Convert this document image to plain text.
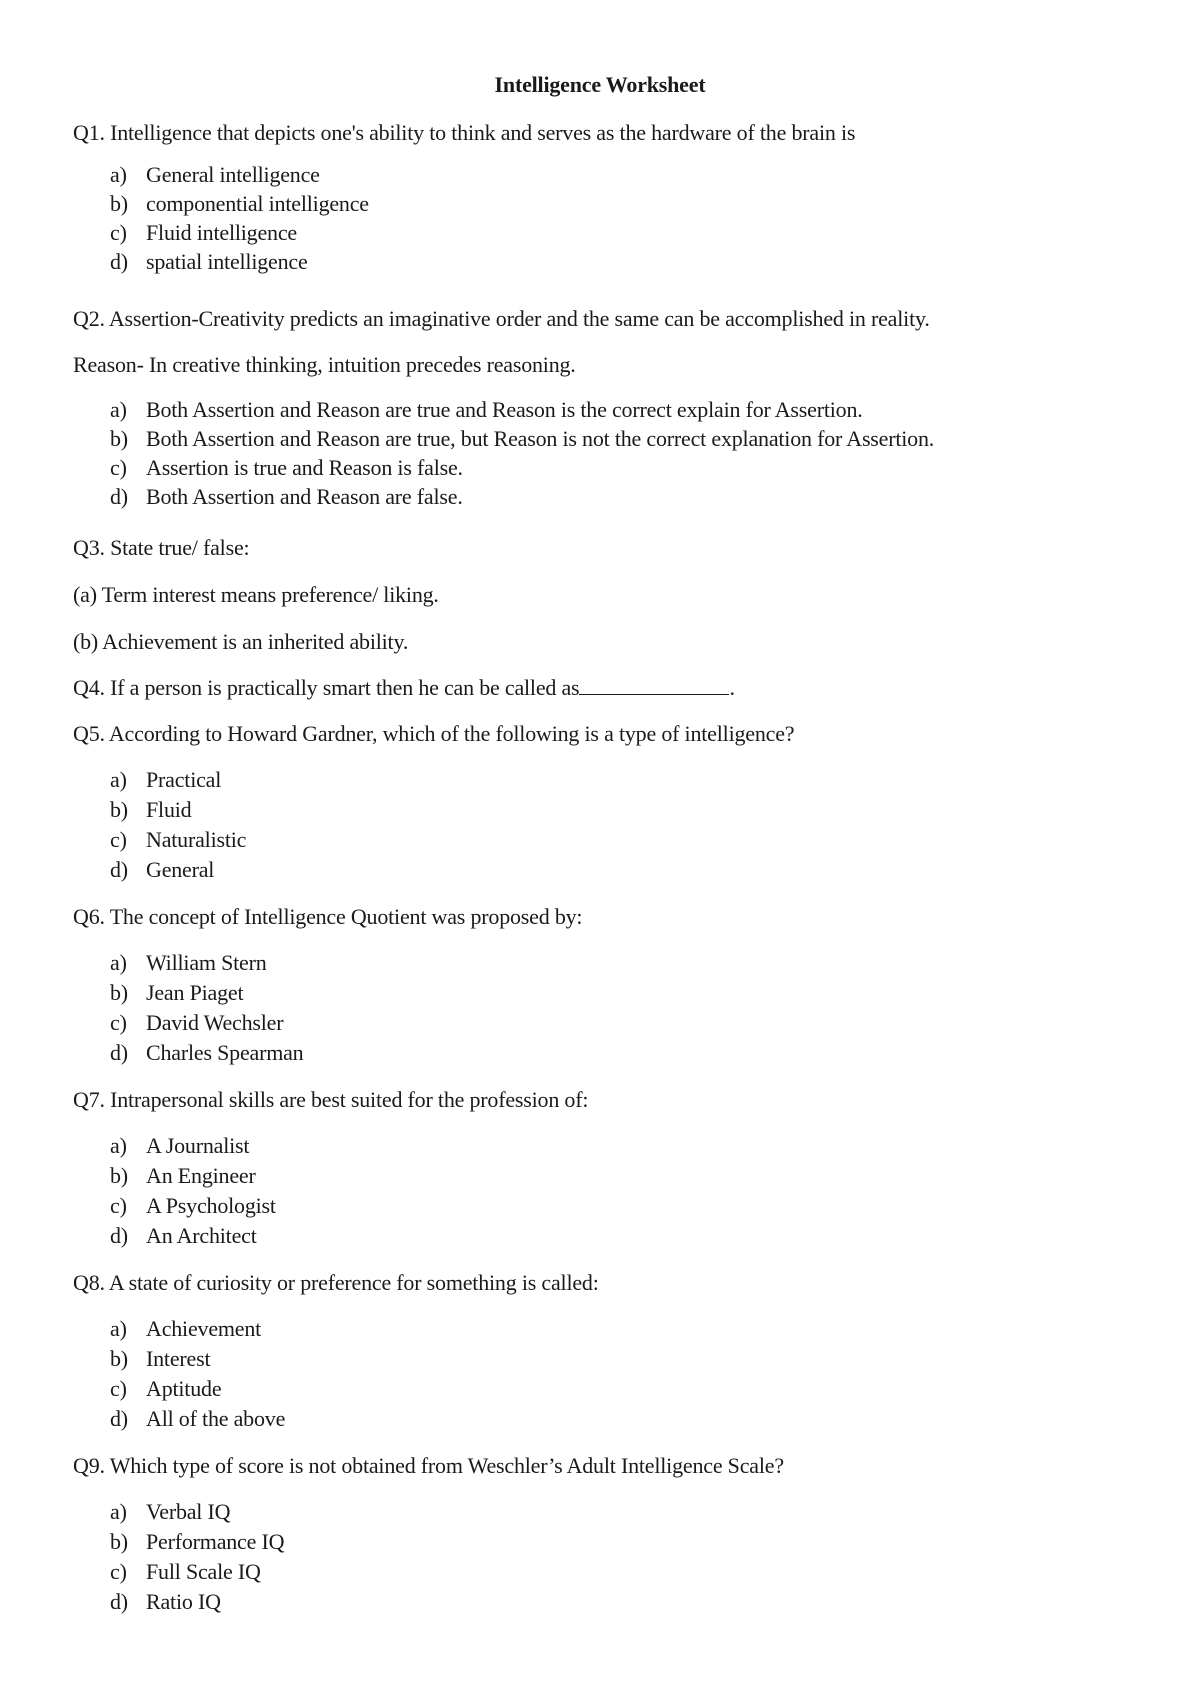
Intelligence Worksheet
Q1. Intelligence that depicts one's ability to think and serves as the hardware of the brain is
a) General intelligence
b) componential intelligence
c) Fluid intelligence
d) spatial intelligence
Q2. Assertion-Creativity predicts an imaginative order and the same can be accomplished in reality.
Reason- In creative thinking, intuition precedes reasoning.
a) Both Assertion and Reason are true and Reason is the correct explain for Assertion.
b) Both Assertion and Reason are true, but Reason is not the correct explanation for Assertion.
c) Assertion is true and Reason is false.
d) Both Assertion and Reason are false.
Q3. State true/ false:
(a) Term interest means preference/ liking.
(b) Achievement is an inherited ability.
Q4. If a person is practically smart then he can be called as	.
Q5. According to Howard Gardner, which of the following is a type of intelligence?
a) Practical
b) Fluid
c) Naturalistic
d) General
Q6. The concept of Intelligence Quotient was proposed by:
a) William Stern
b) Jean Piaget
c) David Wechsler
d) Charles Spearman
Q7. Intrapersonal skills are best suited for the profession of:
a) A Journalist
b) An Engineer
c) A Psychologist
d) An Architect
Q8. A state of curiosity or preference for something is called:
a) Achievement
b) Interest
c) Aptitude
d) All of the above
Q9. Which type of score is not obtained from Weschler’s Adult Intelligence Scale?
a) Verbal IQ
b) Performance IQ
c) Full Scale IQ
d) Ratio IQ
